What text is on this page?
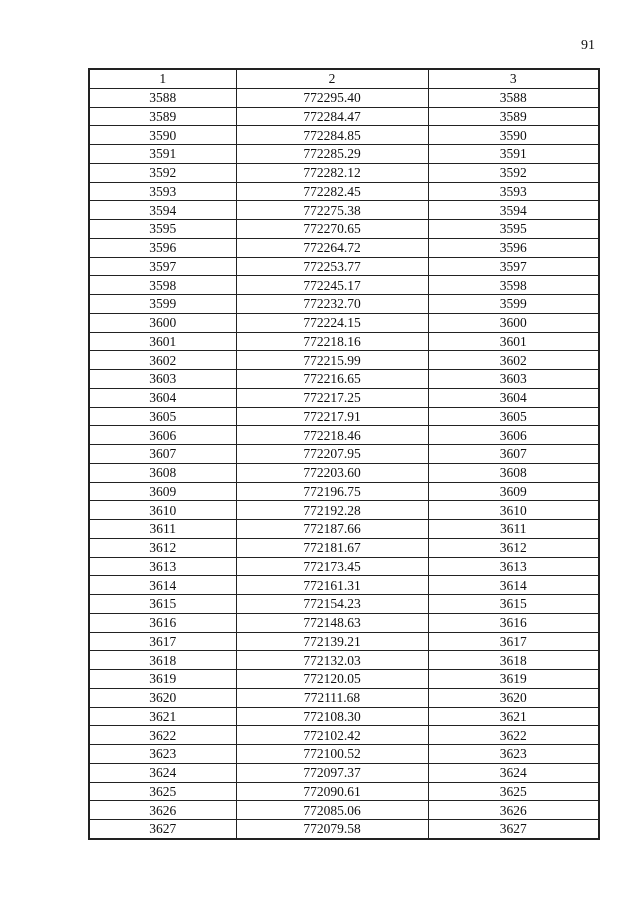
91
1	2	3
3588	772295.40	3588
3589	772284.47	3589
3590	772284.85	3590
3591	772285.29	3591
3592	772282.12	3592
3593	772282.45	3593
3594	772275.38	3594
3595	772270.65	3595
3596	772264.72	3596
3597	772253.77	3597
3598	772245.17	3598
3599	772232.70	3599
3600	772224.15	3600
3601	772218.16	3601
3602	772215.99	3602
3603	772216.65	3603
3604	772217.25	3604
3605	772217.91	3605
3606	772218.46	3606
3607	772207.95	3607
3608	772203.60	3608
3609	772196.75	3609
3610	772192.28	3610
3611	772187.66	3611
3612	772181.67	3612
3613	772173.45	3613
3614	772161.31	3614
3615	772154.23	3615
3616	772148.63	3616
3617	772139.21	3617
3618	772132.03	3618
3619	772120.05	3619
3620	772111.68	3620
3621	772108.30	3621
3622	772102.42	3622
3623	772100.52	3623
3624	772097.37	3624
3625	772090.61	3625
3626	772085.06	3626
3627	772079.58	3627
